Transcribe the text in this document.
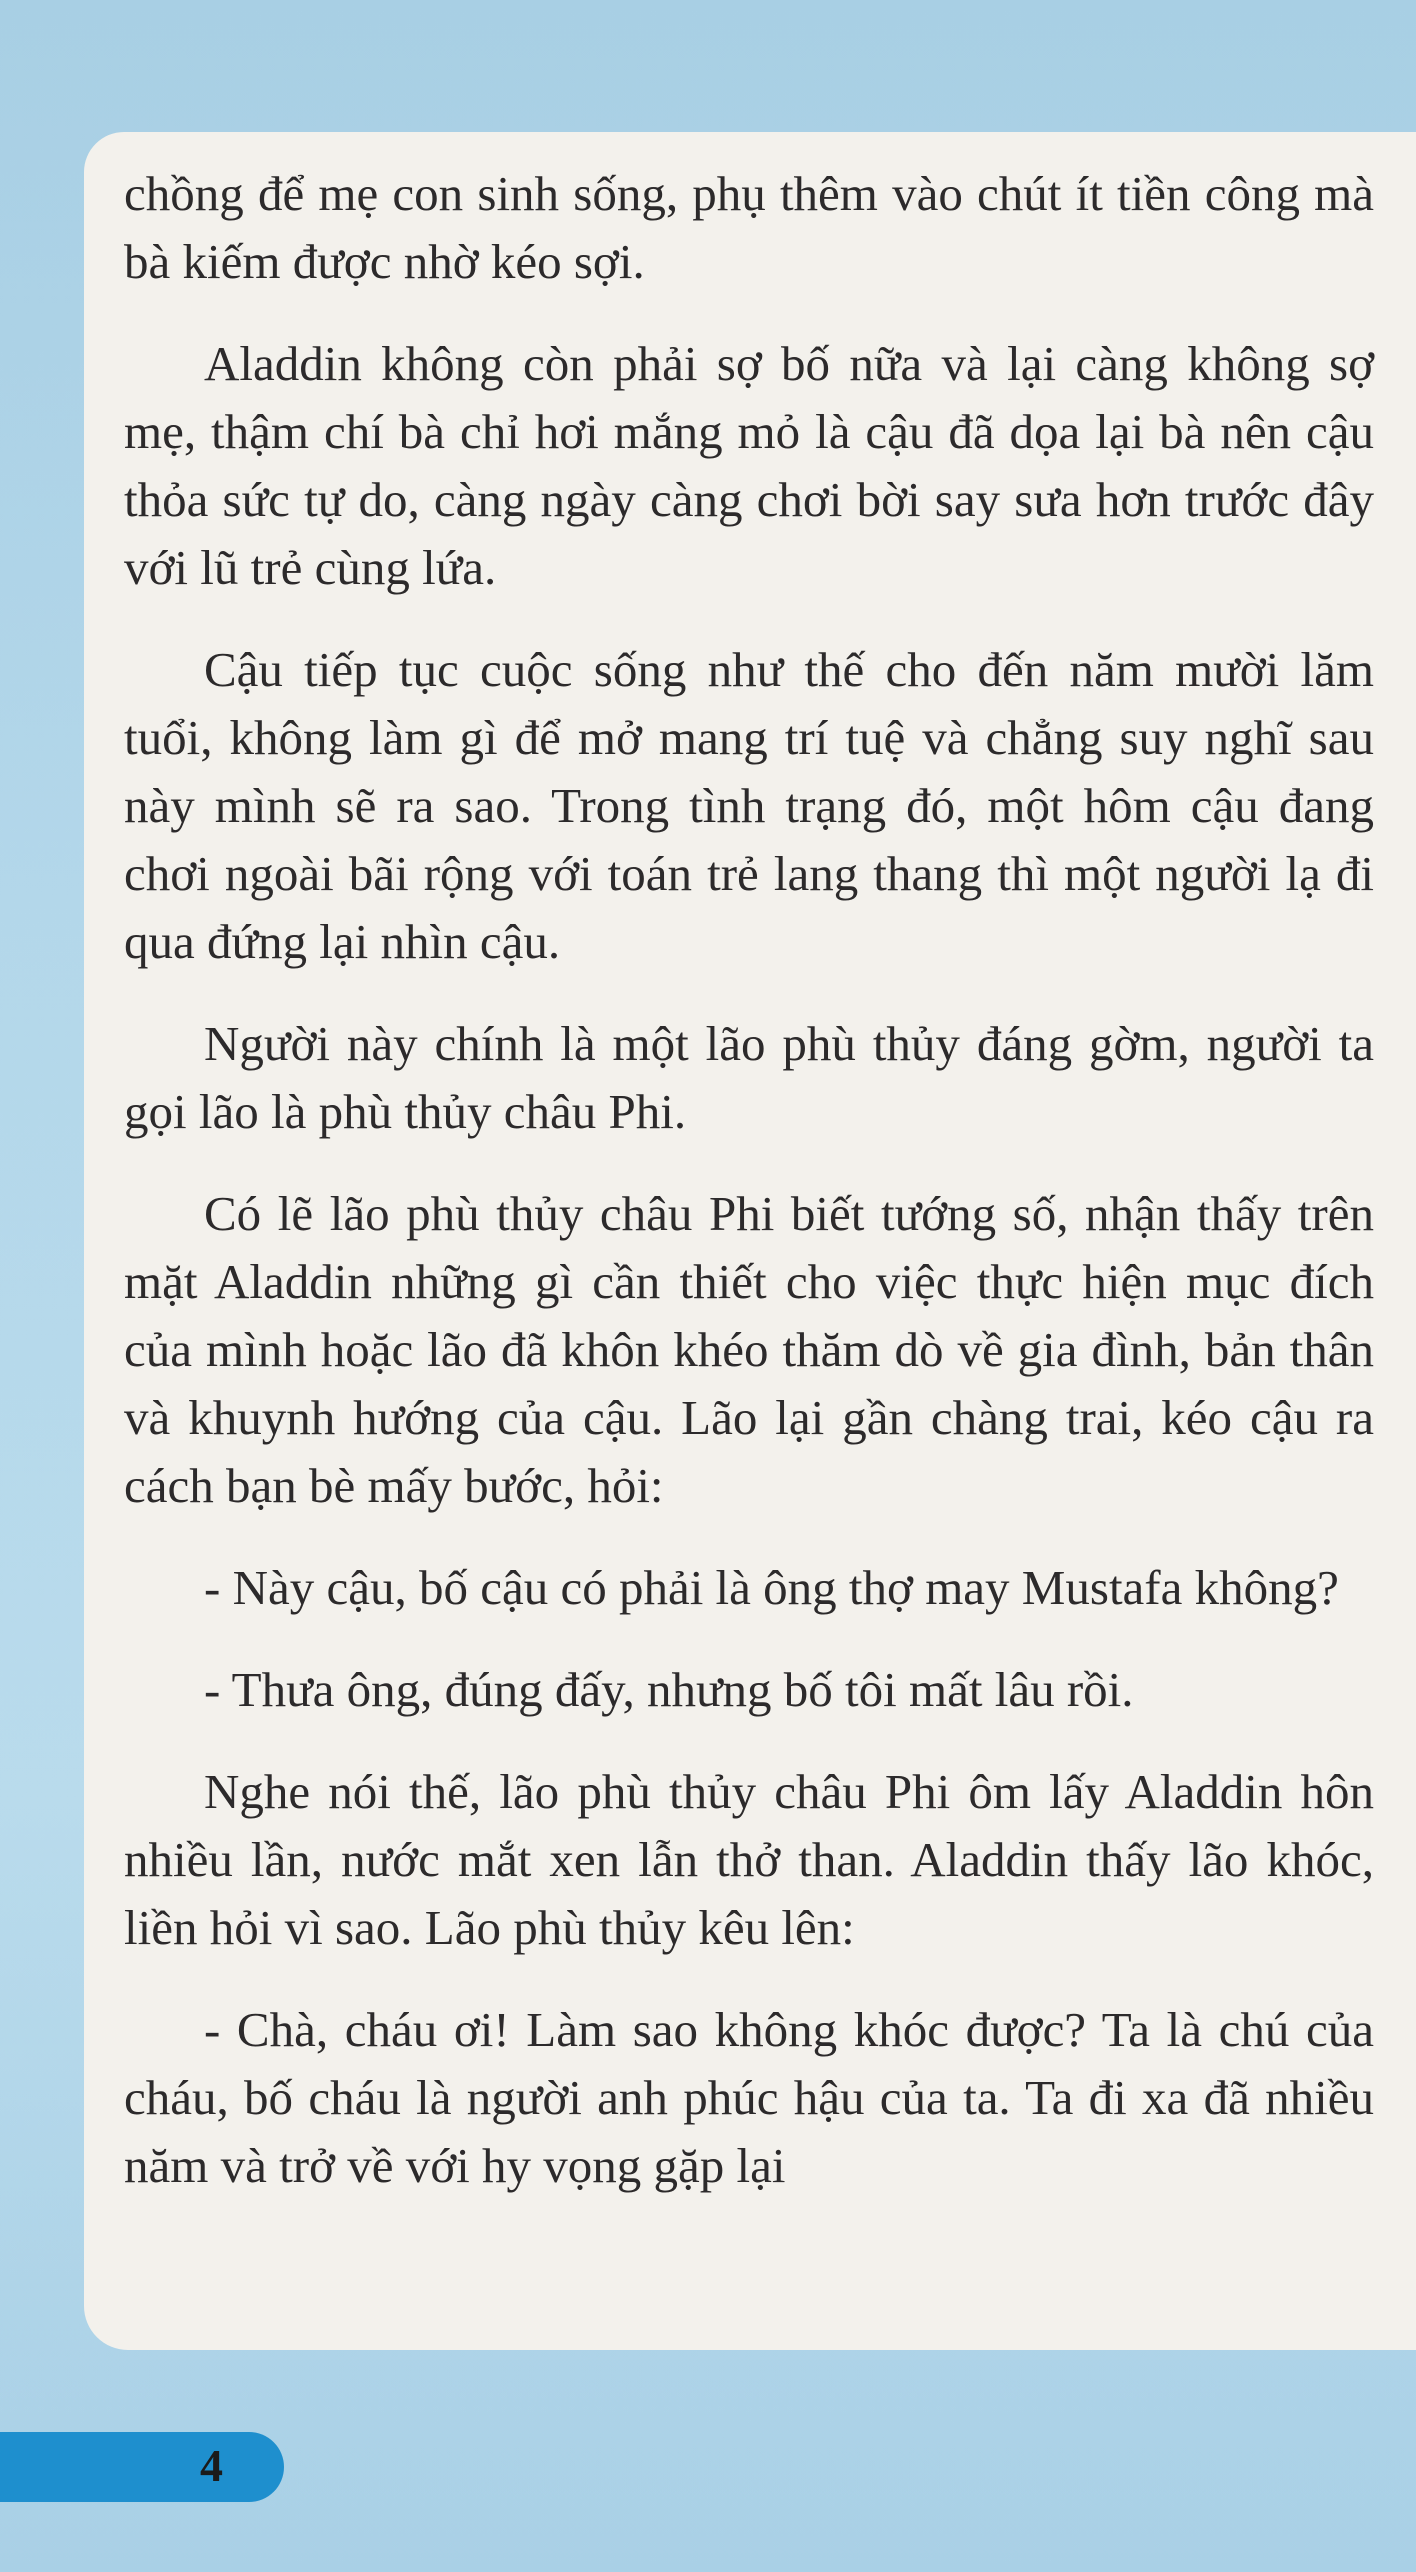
chồng để mẹ con sinh sống, phụ thêm vào chút ít tiền công mà bà kiếm được nhờ kéo sợi.

Aladdin không còn phải sợ bố nữa và lại càng không sợ mẹ, thậm chí bà chỉ hơi mắng mỏ là cậu đã dọa lại bà nên cậu thỏa sức tự do, càng ngày càng chơi bời say sưa hơn trước đây với lũ trẻ cùng lứa.

Cậu tiếp tục cuộc sống như thế cho đến năm mười lăm tuổi, không làm gì để mở mang trí tuệ và chẳng suy nghĩ sau này mình sẽ ra sao. Trong tình trạng đó, một hôm cậu đang chơi ngoài bãi rộng với toán trẻ lang thang thì một người lạ đi qua đứng lại nhìn cậu.

Người này chính là một lão phù thủy đáng gờm, người ta gọi lão là phù thủy châu Phi.

Có lẽ lão phù thủy châu Phi biết tướng số, nhận thấy trên mặt Aladdin những gì cần thiết cho việc thực hiện mục đích của mình hoặc lão đã khôn khéo thăm dò về gia đình, bản thân và khuynh hướng của cậu. Lão lại gần chàng trai, kéo cậu ra cách bạn bè mấy bước, hỏi:

- Này cậu, bố cậu có phải là ông thợ may Mustafa không?

- Thưa ông, đúng đấy, nhưng bố tôi mất lâu rồi.

Nghe nói thế, lão phù thủy châu Phi ôm lấy Aladdin hôn nhiều lần, nước mắt xen lẫn thở than. Aladdin thấy lão khóc, liền hỏi vì sao. Lão phù thủy kêu lên:

- Chà, cháu ơi! Làm sao không khóc được? Ta là chú của cháu, bố cháu là người anh phúc hậu của ta. Ta đi xa đã nhiều năm và trở về với hy vọng gặp lại

4
